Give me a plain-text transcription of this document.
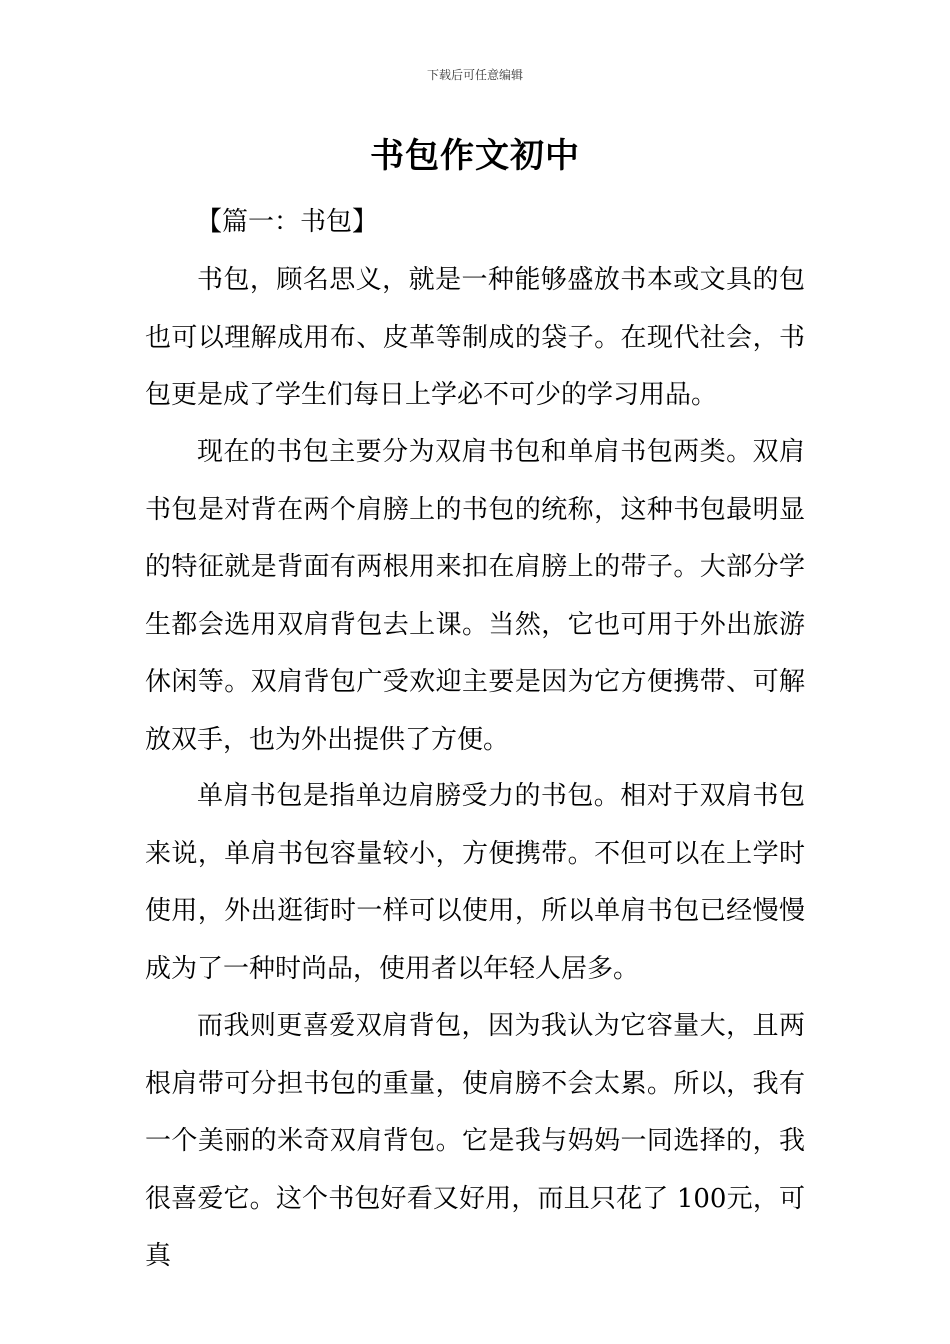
下载后可任意编辑
书包作文初中
【篇一：书包】
书包，顾名思义，就是一种能够盛放书本或文具的包也可以理解成用布、皮革等制成的袋子。在现代社会，书包更是成了学生们每日上学必不可少的学习用品。
现在的书包主要分为双肩书包和单肩书包两类。双肩书包是对背在两个肩膀上的书包的统称，这种书包最明显的特征就是背面有两根用来扣在肩膀上的带子。大部分学生都会选用双肩背包去上课。当然，它也可用于外出旅游休闲等。双肩背包广受欢迎主要是因为它方便携带、可解放双手，也为外出提供了方便。
单肩书包是指单边肩膀受力的书包。相对于双肩书包来说，单肩书包容量较小，方便携带。不但可以在上学时使用，外出逛街时一样可以使用，所以单肩书包已经慢慢成为了一种时尚品，使用者以年轻人居多。
而我则更喜爱双肩背包，因为我认为它容量大，且两根肩带可分担书包的重量，使肩膀不会太累。所以，我有一个美丽的米奇双肩背包。它是我与妈妈一同选择的，我很喜爱它。这个书包好看又好用，而且只花了 100元，可真
